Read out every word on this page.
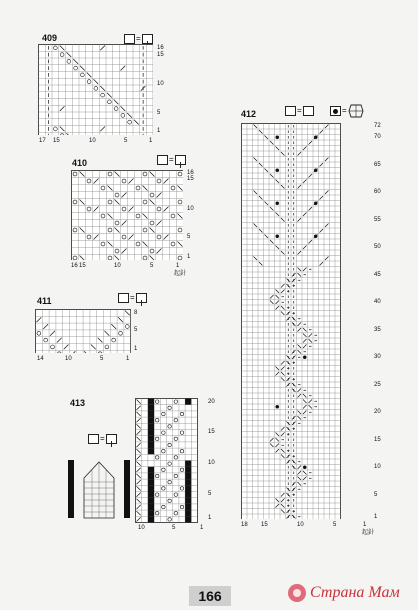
409	=
16
15
10
5
1
17 15	10	5	1
410	=
16
15
10
5
1
16 15	10	5	1
起針
411	=
8
5
1
14	10	5	1
413
=
20
15
10
5
1
10	5	1
412	=	=
72
70
65
60
55
50
45
40
35
30
25
20
15
10
5
1
18 15	10	5	1
起針
166	Страна Мам
